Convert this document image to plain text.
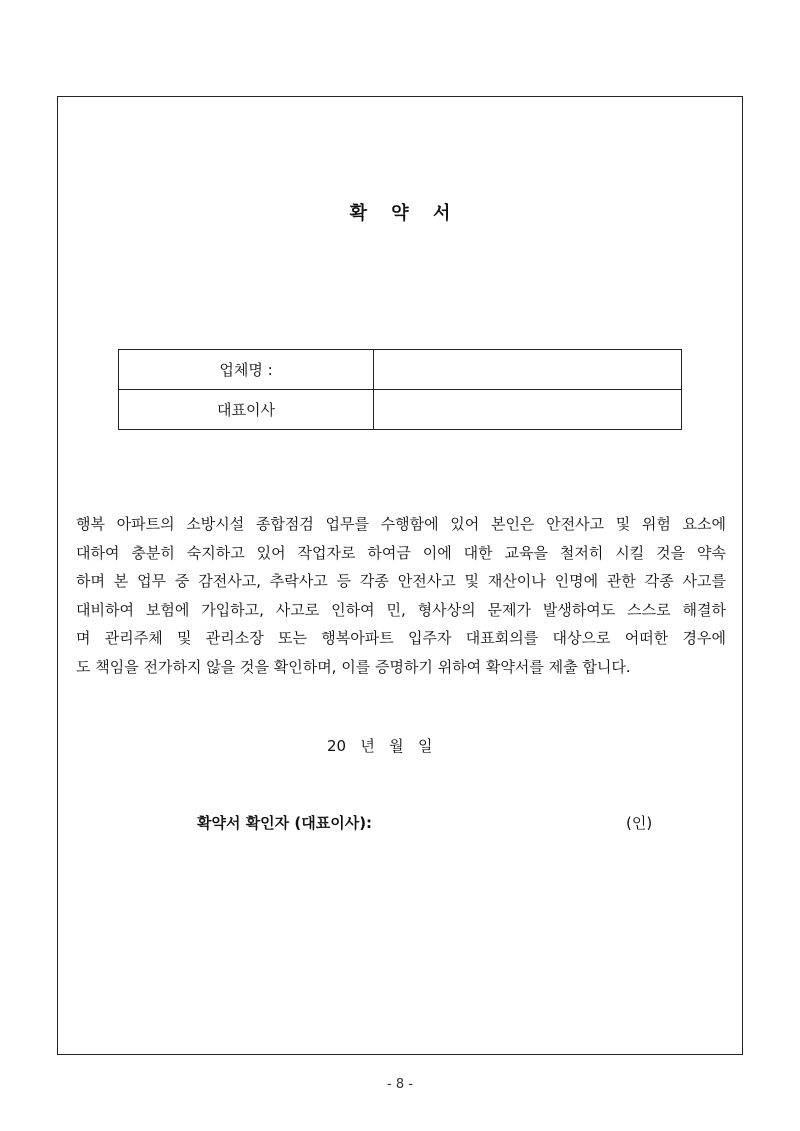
확 약 서
업체명 :	
대표이사	
행복 아파트의 소방시설 종합점검 업무를 수행함에 있어 본인은 안전사고 및 위험 요소에
대하여 충분히 숙지하고 있어 작업자로 하여금 이에 대한 교육을 철저히 시킬 것을 약속
하며 본 업무 중 감전사고, 추락사고 등 각종 안전사고 및 재산이나 인명에 관한 각종 사고를
대비하여 보험에 가입하고, 사고로 인하여 민, 형사상의 문제가 발생하여도 스스로 해결하
며 관리주체 및 관리소장 또는 행복아파트 입주자 대표회의를 대상으로 어떠한 경우에
도 책임을 전가하지 않을 것을 확인하며, 이를 증명하기 위하여 확약서를 제출 합니다.
20   년   월   일
확약서 확인자 (대표이사):	(인)
- 8 -
